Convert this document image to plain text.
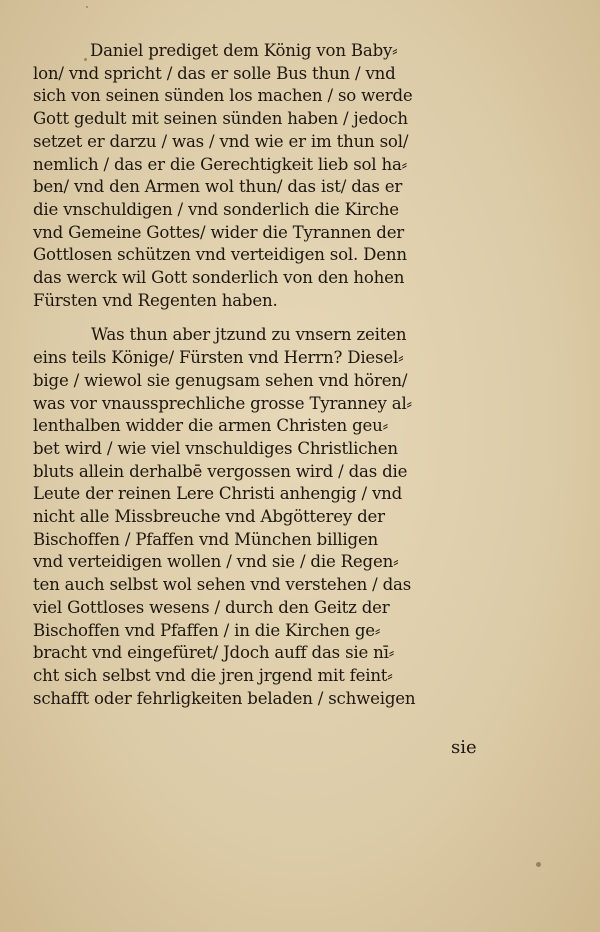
Daniel prediget dem König von Baby⸗
lon/ vnd spricht / das er solle Bus thun / vnd
sich von seinen sünden los machen / so werde
Gott gedult mit seinen sünden haben / jedoch
setzet er darzu / was / vnd wie er im thun sol/
nemlich / das er die Gerechtigkeit lieb sol ha⸗
ben/ vnd den Armen wol thun/ das ist/ das er
die vnschuldigen / vnd sonderlich die Kirche
vnd Gemeine Gottes/ wider die Tyrannen der
Gottlosen schützen vnd verteidigen sol. Denn
das werck wil Gott sonderlich von den hohen
Fürsten vnd Regenten haben.

Was thun aber jtzund zu vnsern zeiten
eins teils Könige/ Fürsten vnd Herrn? Diesel⸗
bige / wiewol sie genugsam sehen vnd hören/
was vor vnaussprechliche grosse Tyranney al⸗
lenthalben widder die armen Christen geu⸗
bet wird / wie viel vnschuldiges Christlichen
bluts allein derhalbē vergossen wird / das die
Leute der reinen Lere Christi anhengig / vnd
nicht alle Missbreuche vnd Abgötterey der
Bischoffen / Pfaffen vnd München billigen
vnd verteidigen wollen / vnd sie / die Regen⸗
ten auch selbst wol sehen vnd verstehen / das
viel Gottloses wesens / durch den Geitz der
Bischoffen vnd Pfaffen / in die Kirchen ge⸗
bracht vnd eingefüret/ Jdoch auff das sie nī⸗
cht sich selbst vnd die jren jrgend mit feint⸗
schafft oder fehrligkeiten beladen / schweigen

sie
